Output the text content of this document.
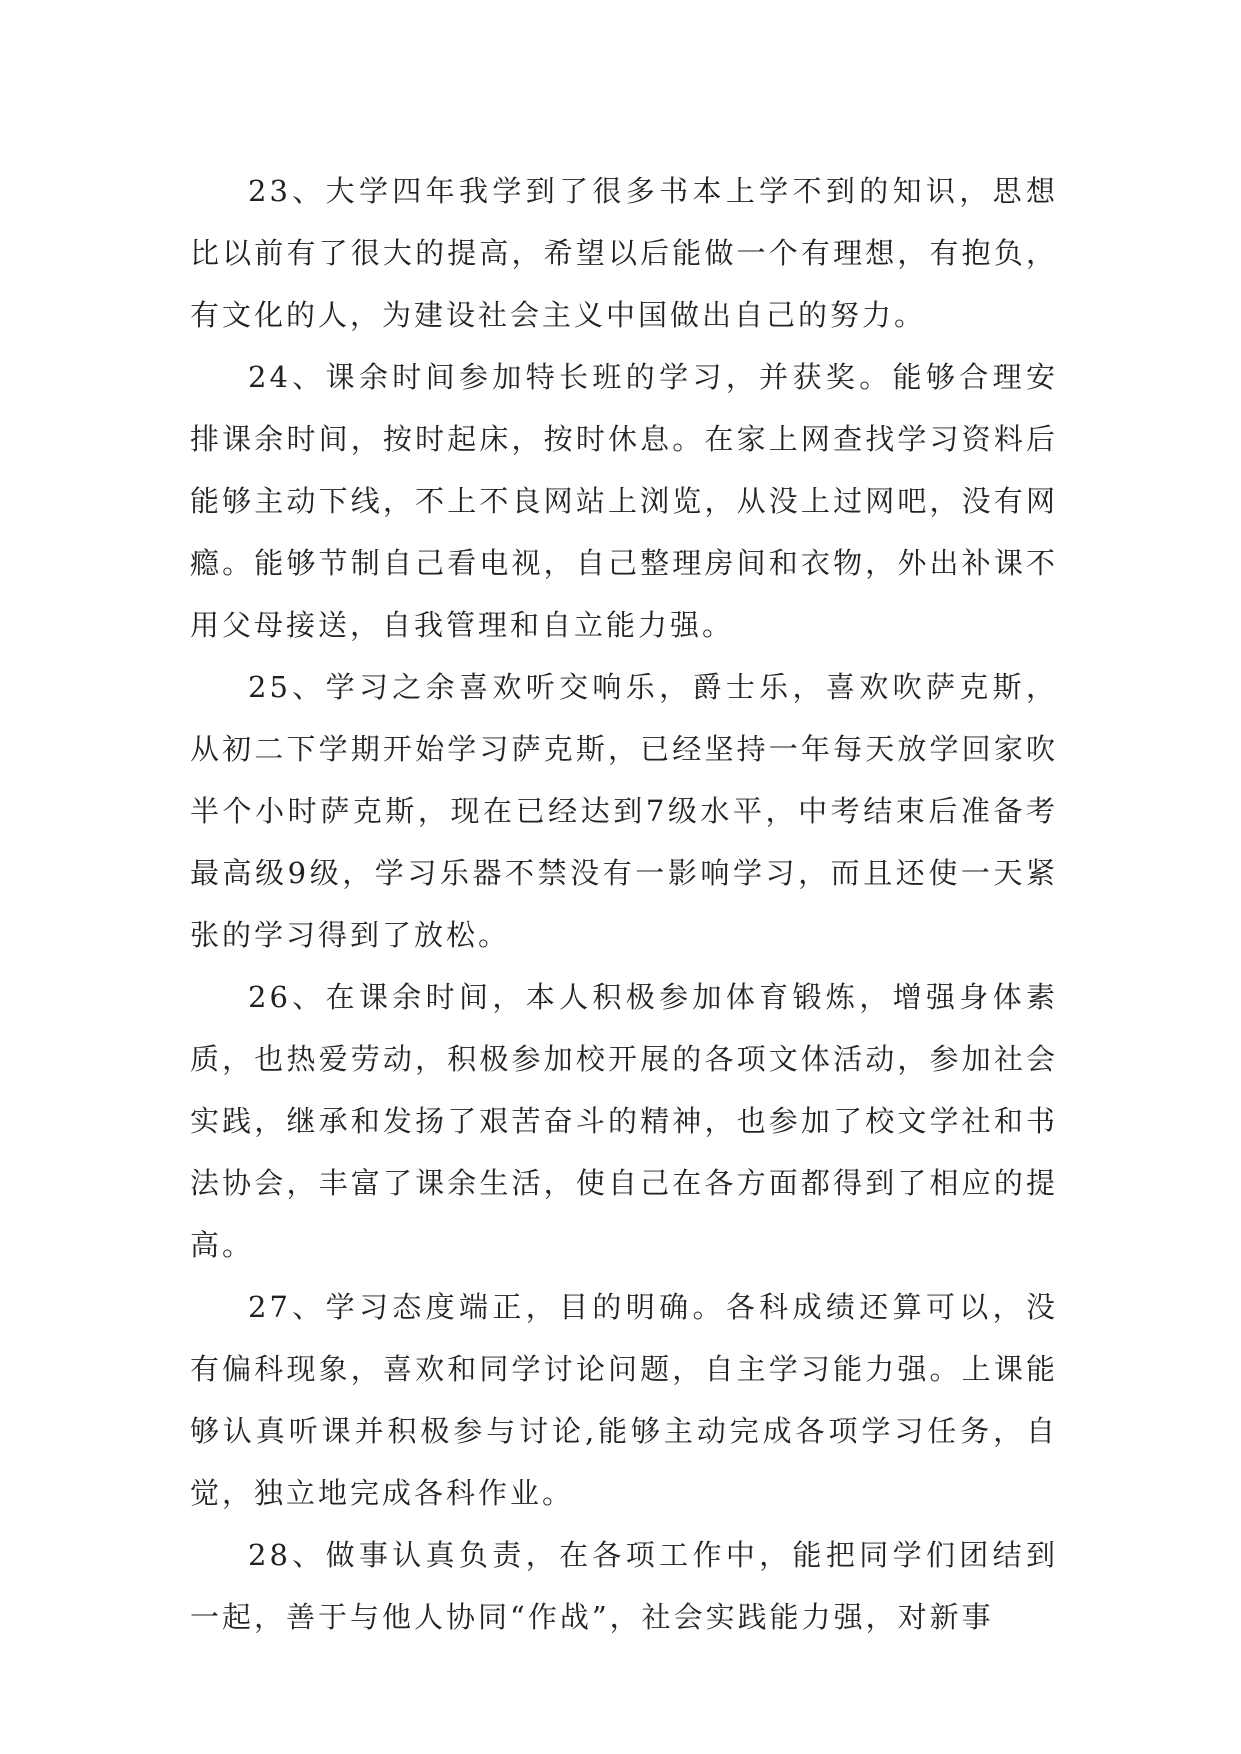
23、大学四年我学到了很多书本上学不到的知识，思想比以前有了很大的提高，希望以后能做一个有理想，有抱负，有文化的人，为建设社会主义中国做出自己的努力。

24、课余时间参加特长班的学习，并获奖。能够合理安排课余时间，按时起床，按时休息。在家上网查找学习资料后能够主动下线，不上不良网站上浏览，从没上过网吧，没有网瘾。能够节制自己看电视，自己整理房间和衣物，外出补课不用父母接送，自我管理和自立能力强。

25、学习之余喜欢听交响乐，爵士乐，喜欢吹萨克斯，从初二下学期开始学习萨克斯，已经坚持一年每天放学回家吹半个小时萨克斯，现在已经达到7级水平，中考结束后准备考最高级9级，学习乐器不禁没有一影响学习，而且还使一天紧张的学习得到了放松。

26、在课余时间，本人积极参加体育锻炼，增强身体素质，也热爱劳动，积极参加校开展的各项文体活动，参加社会实践，继承和发扬了艰苦奋斗的精神，也参加了校文学社和书法协会，丰富了课余生活，使自己在各方面都得到了相应的提高。

27、学习态度端正，目的明确。各科成绩还算可以，没有偏科现象，喜欢和同学讨论问题，自主学习能力强。上课能够认真听课并积极参与讨论,能够主动完成各项学习任务，自觉，独立地完成各科作业。

28、做事认真负责，在各项工作中，能把同学们团结到一起，善于与他人协同“作战”，社会实践能力强，对新事
